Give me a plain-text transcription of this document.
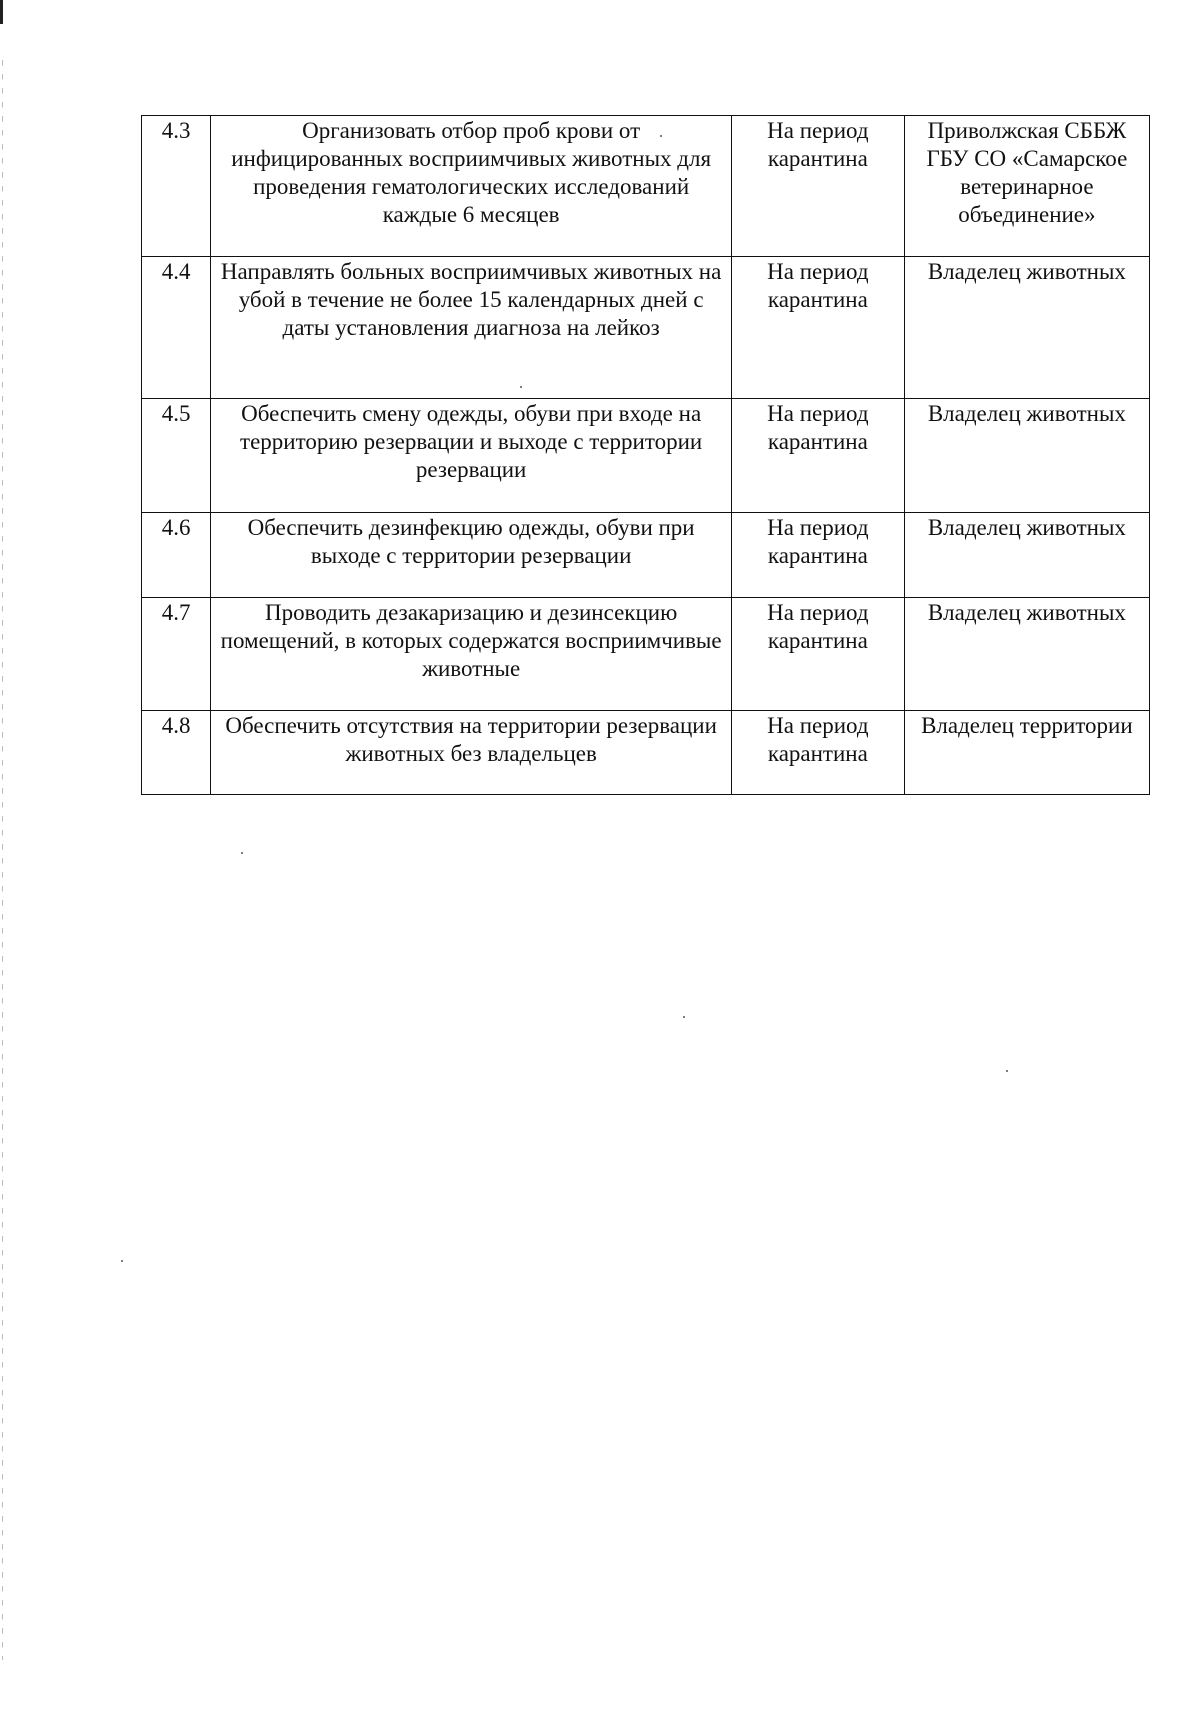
4.3	Организовать отбор проб крови от инфицированных восприимчивых животных для проведения гематологических исследований каждые 6 месяцев	На период карантина	Приволжская СББЖ ГБУ СО «Самарское ветеринарное объединение»
4.4	Направлять больных восприимчивых животных на убой в течение не более 15 календарных дней с даты установления диагноза на лейкоз	На период карантина	Владелец животных
4.5	Обеспечить смену одежды, обуви при входе на территорию резервации и выходе с территории резервации	На период карантина	Владелец животных
4.6	Обеспечить дезинфекцию одежды, обуви при выходе с территории резервации	На период карантина	Владелец животных
4.7	Проводить дезакаризацию и дезинсекцию помещений, в которых содержатся восприимчивые животные	На период карантина	Владелец животных
4.8	Обеспечить отсутствия на территории резервации животных без владельцев	На период карантина	Владелец территории
